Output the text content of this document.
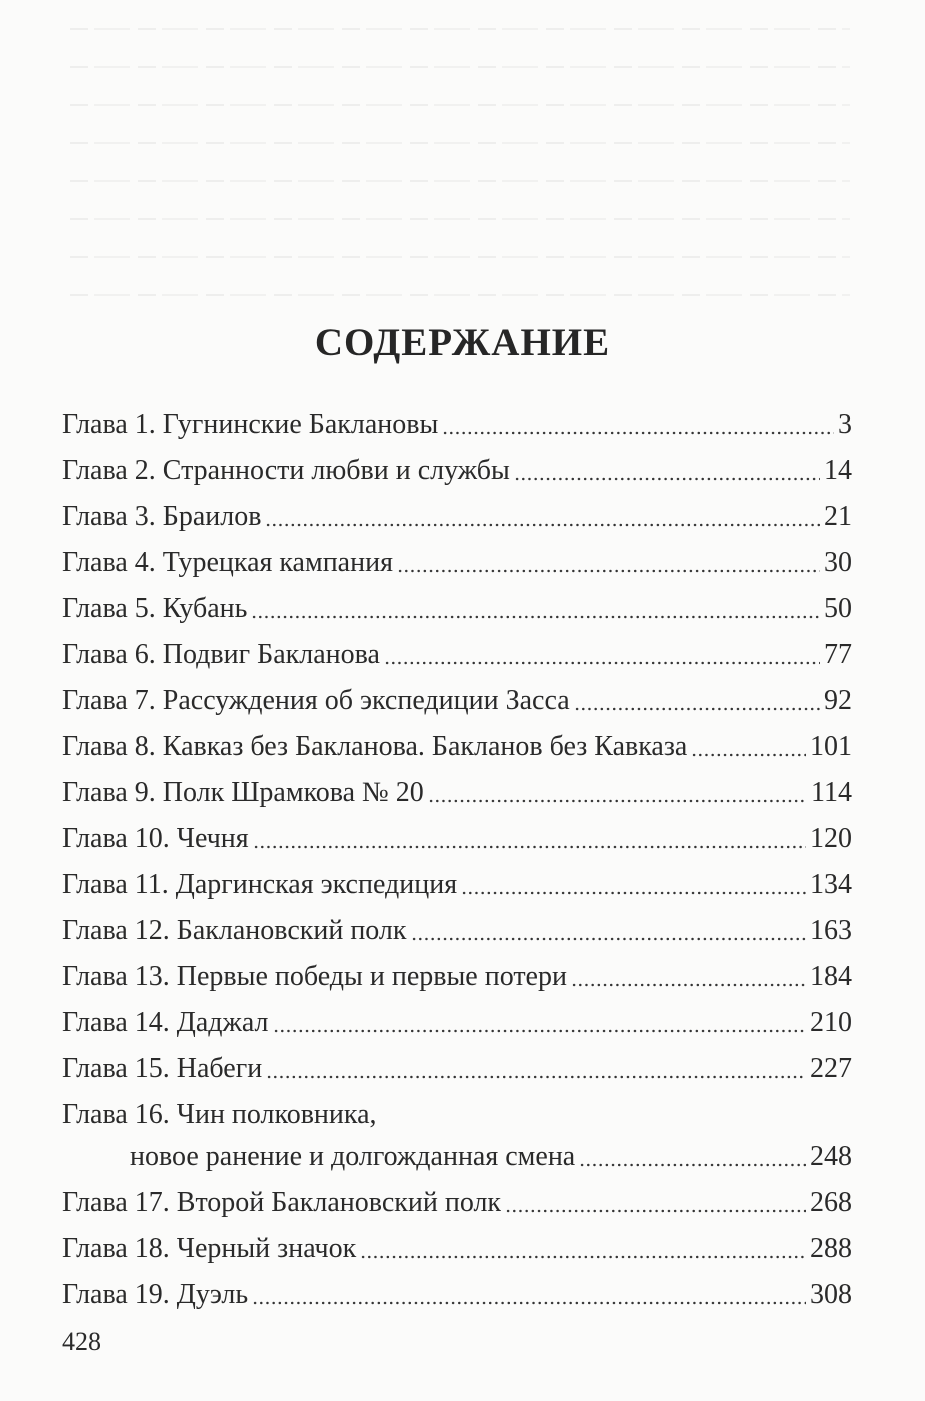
СОДЕРЖАНИЕ
Глава 1. Гугнинские Баклановы	3
Глава 2. Странности любви и службы	14
Глава 3. Браилов	21
Глава 4. Турецкая кампания	30
Глава 5. Кубань	50
Глава 6. Подвиг Бакланова	77
Глава 7. Рассуждения об экспедиции Засса	92
Глава 8. Кавказ без Бакланова. Бакланов без Кавказа	101
Глава 9. Полк Шрамкова № 20	114
Глава 10. Чечня	120
Глава 11. Даргинская экспедиция	134
Глава 12. Баклановский полк	163
Глава 13. Первые победы и первые потери	184
Глава 14. Даджал	210
Глава 15. Набеги	227
Глава 16. Чин полковника,
новое ранение и долгожданная смена	248
Глава 17. Второй Баклановский полк	268
Глава 18. Черный значок	288
Глава 19. Дуэль	308
428
